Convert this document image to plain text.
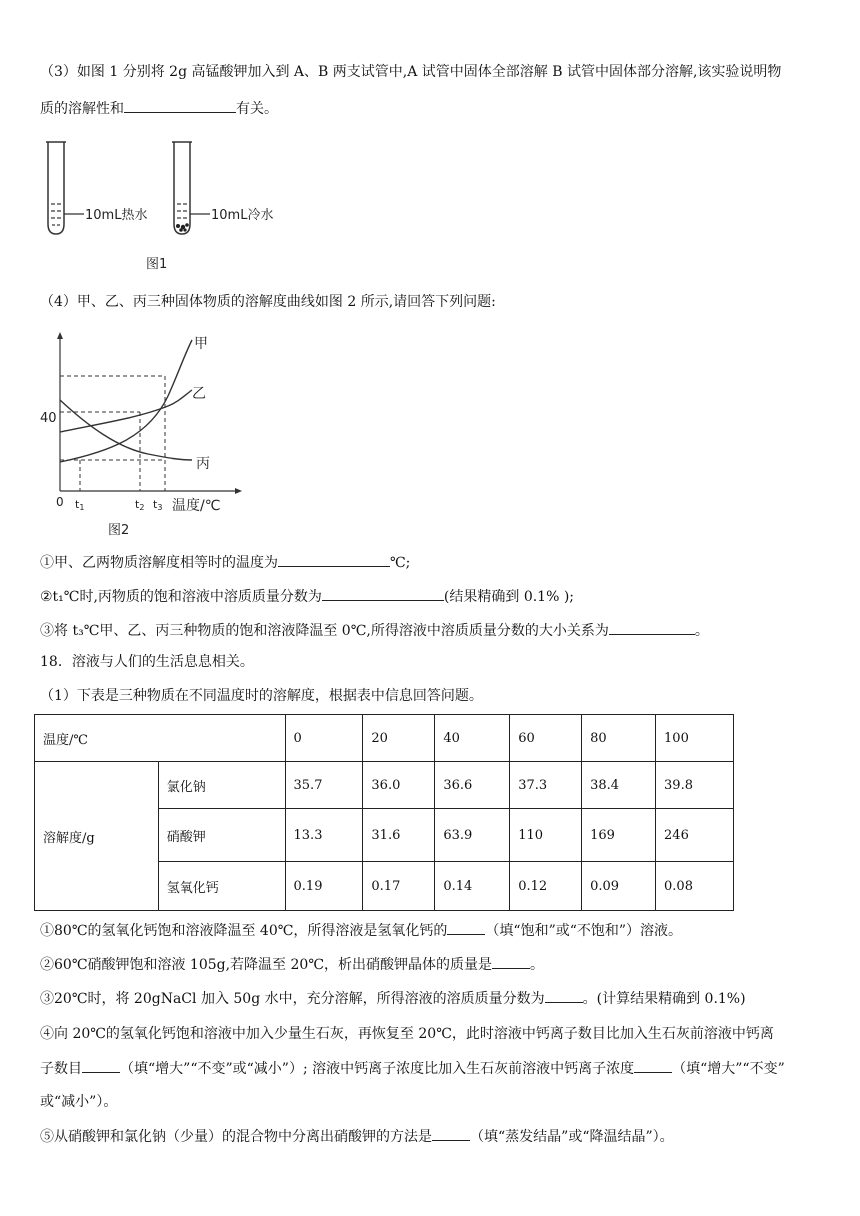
（3）如图 1 分别将 2g 高锰酸钾加入到 A、B 两支试管中,A 试管中固体全部溶解 B 试管中固体部分溶解,该实验说明物
质的溶解性和	有关。
10mL热水	10mL冷水
图1
（4）甲、乙、丙三种固体物质的溶解度曲线如图 2 所示,请回答下列问题:
甲
乙
丙
40
0 t1	t2 t3 温度/℃
图2
①甲、乙两物质溶解度相等时的温度为	℃;
②t₁℃时,丙物质的饱和溶液中溶质质量分数为	(结果精确到 0.1% );
③将 t₃℃甲、乙、丙三种物质的饱和溶液降温至 0℃,所得溶液中溶质质量分数的大小关系为	。
18．溶液与人们的生活息息相关。
（1）下表是三种物质在不同温度时的溶解度，根据表中信息回答问题。
温度/℃		0	20	40	60	80	100
溶解度/g	氯化钠	35.7	36.0	36.6	37.3	38.4	39.8
	硝酸钾	13.3	31.6	63.9	110	169	246
	氢氧化钙	0.19	0.17	0.14	0.12	0.09	0.08
①80℃的氢氧化钙饱和溶液降温至 40℃，所得溶液是氢氧化钙的	（填“饱和”或“不饱和”）溶液。
②60℃硝酸钾饱和溶液 105g,若降温至 20℃，析出硝酸钾晶体的质量是	。
③20℃时，将 20gNaCl 加入 50g 水中，充分溶解，所得溶液的溶质质量分数为	。(计算结果精确到 0.1%)
④向 20℃的氢氧化钙饱和溶液中加入少量生石灰，再恢复至 20℃，此时溶液中钙离子数目比加入生石灰前溶液中钙离
子数目	（填“增大”“不变”或“减小”）; 溶液中钙离子浓度比加入生石灰前溶液中钙离子浓度	（填“增大”“不变”
或“减小”）。
⑤从硝酸钾和氯化钠（少量）的混合物中分离出硝酸钾的方法是	（填“蒸发结晶”或“降温结晶”）。
